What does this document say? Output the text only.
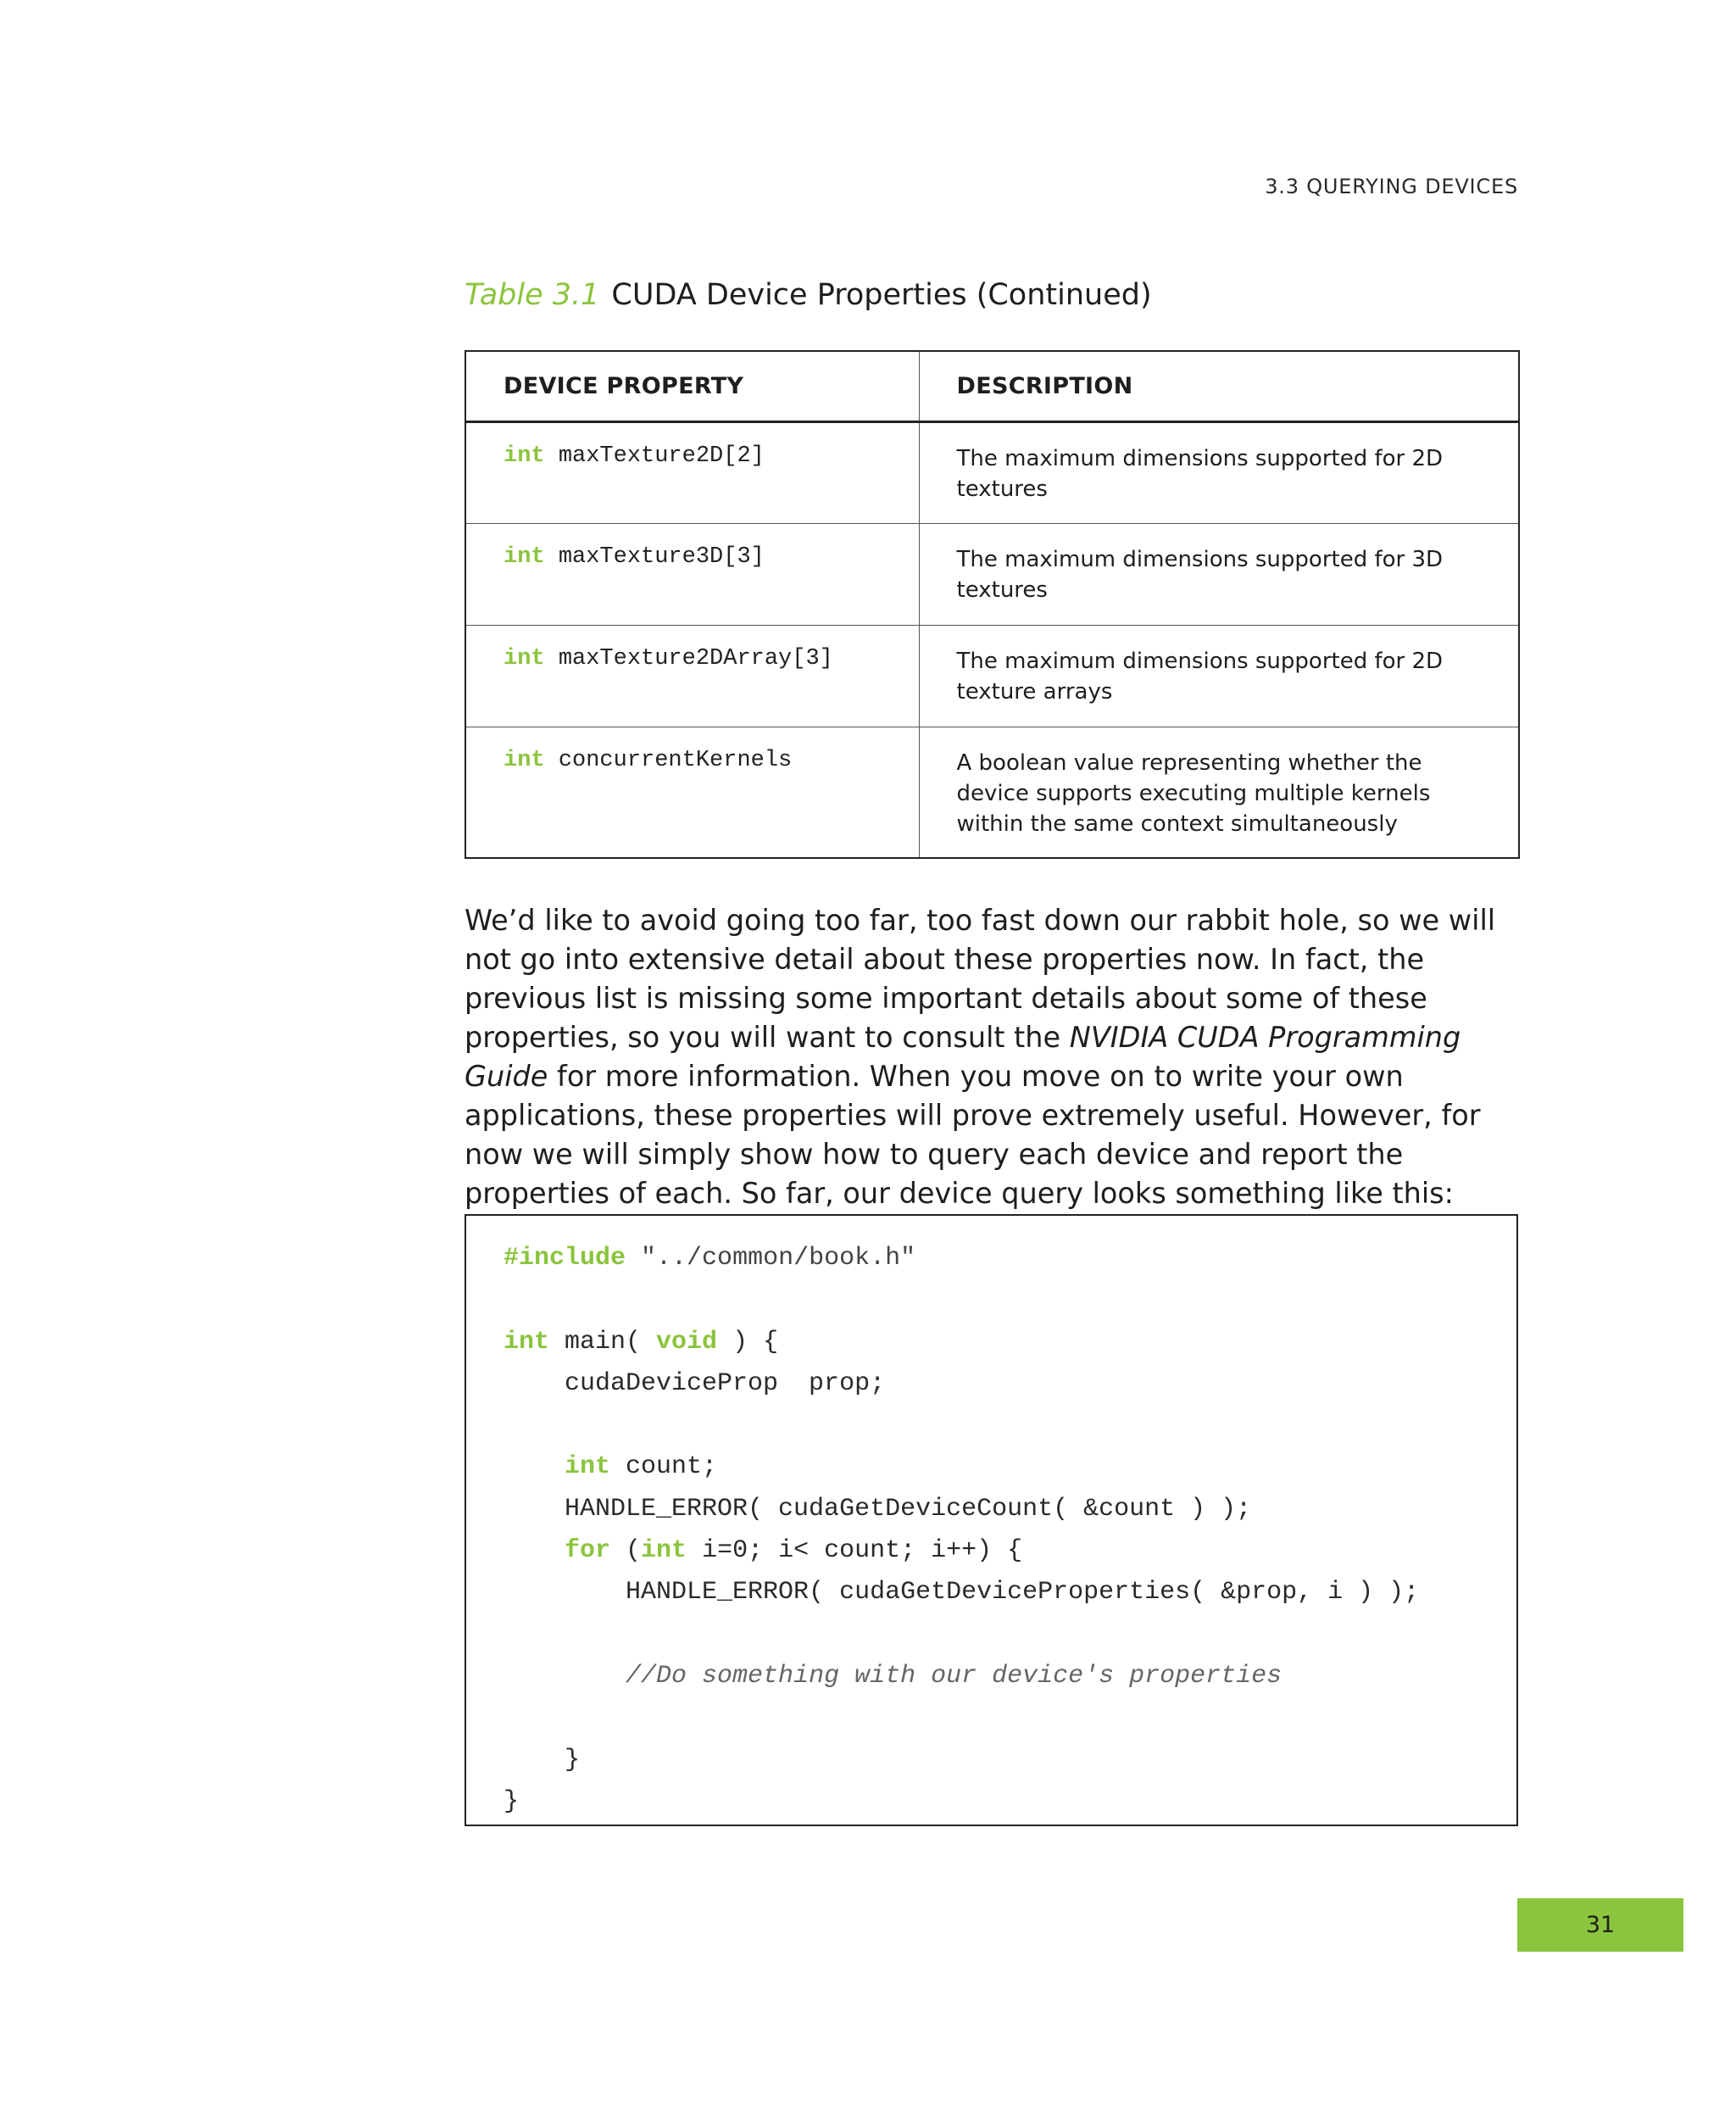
3.3 QUERYING DEVICES
Table 3.1 CUDA Device Properties (Continued)
DEVICE PROPERTY	DESCRIPTION
int maxTexture2D[2]	The maximum dimensions supported for 2D textures
int maxTexture3D[3]	The maximum dimensions supported for 3D textures
int maxTexture2DArray[3]	The maximum dimensions supported for 2D texture arrays
int concurrentKernels	A boolean value representing whether the device supports executing multiple kernels within the same context simultaneously

We’d like to avoid going too far, too fast down our rabbit hole, so we will not go into extensive detail about these properties now. In fact, the previous list is missing some important details about some of these properties, so you will want to consult the NVIDIA CUDA Programming Guide for more information. When you move on to write your own applications, these properties will prove extremely useful. However, for now we will simply show how to query each device and report the properties of each. So far, our device query looks something like this:

#include "../common/book.h"

int main( void ) {
cudaDeviceProp  prop;

int count;
HANDLE_ERROR( cudaGetDeviceCount( &count ) );
for (int i=0; i< count; i++) {
HANDLE_ERROR( cudaGetDeviceProperties( &prop, i ) );

//Do something with our device's properties

}
}
31
